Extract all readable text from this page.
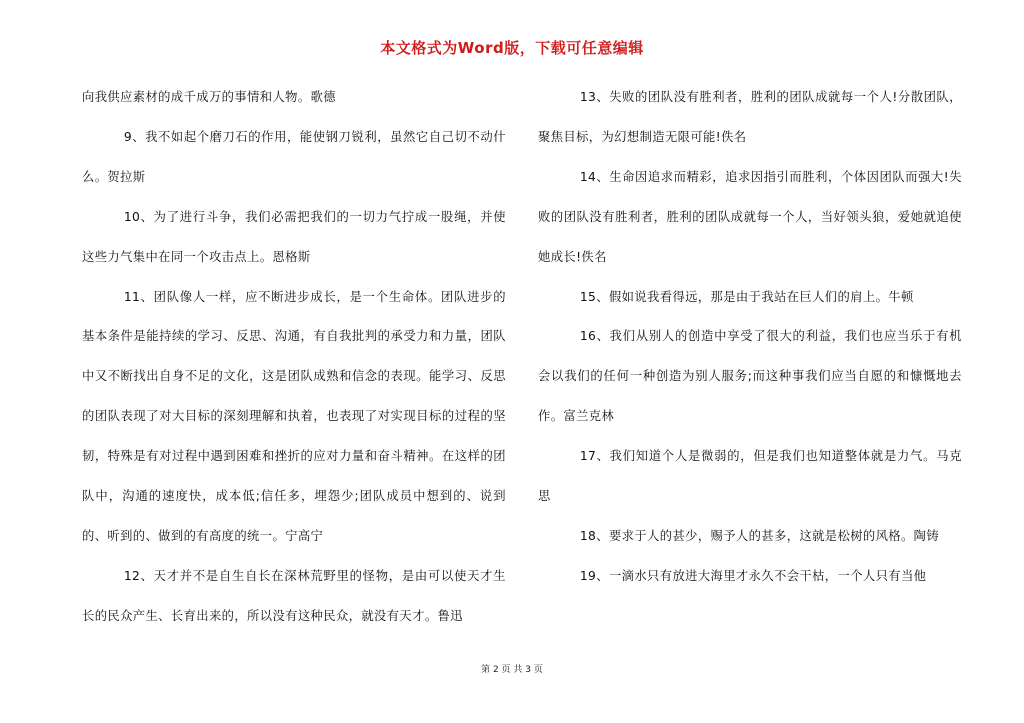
本文格式为Word版，下载可任意编辑

向我供应素材的成千成万的事情和人物。歌德

9、我不如起个磨刀石的作用，能使钢刀锐利，虽然它自己切不动什么。贺拉斯

10、为了进行斗争，我们必需把我们的一切力气拧成一股绳，并使这些力气集中在同一个攻击点上。恩格斯

11、团队像人一样，应不断进步成长，是一个生命体。团队进步的基本条件是能持续的学习、反思、沟通，有自我批判的承受力和力量，团队中又不断找出自身不足的文化，这是团队成熟和信念的表现。能学习、反思的团队表现了对大目标的深刻理解和执着，也表现了对实现目标的过程的坚韧，特殊是有对过程中遇到困难和挫折的应对力量和奋斗精神。在这样的团队中，沟通的速度快，成本低;信任多，埋怨少;团队成员中想到的、说到的、听到的、做到的有高度的统一。宁高宁

12、天才并不是自生自长在深林荒野里的怪物，是由可以使天才生长的民众产生、长育出来的，所以没有这种民众，就没有天才。鲁迅

13、失败的团队没有胜利者，胜利的团队成就每一个人!分散团队，聚焦目标，为幻想制造无限可能!佚名

14、生命因追求而精彩，追求因指引而胜利，个体因团队而强大!失败的团队没有胜利者，胜利的团队成就每一个人，当好领头狼，爱她就追使她成长!佚名

15、假如说我看得远，那是由于我站在巨人们的肩上。牛顿

16、我们从别人的创造中享受了很大的利益，我们也应当乐于有机会以我们的任何一种创造为别人服务;而这种事我们应当自愿的和慷慨地去作。富兰克林

17、我们知道个人是微弱的，但是我们也知道整体就是力气。马克思

18、要求于人的甚少，赐予人的甚多，这就是松树的风格。陶铸

19、一滴水只有放进大海里才永久不会干枯，一个人只有当他

第 2 页 共 3 页
